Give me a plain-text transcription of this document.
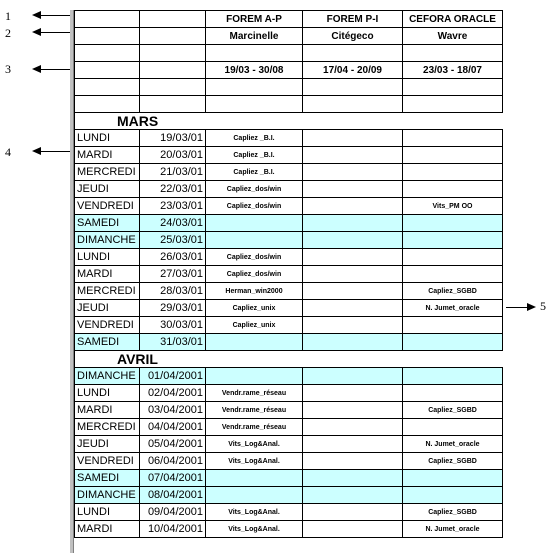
1
2
3
4
5
		FOREM A-P	FOREM P-I	CEFORA ORACLE
		Marcinelle	Citégeco	Wavre

		19/03 - 30/08	17/04 - 20/09	23/03 - 18/07

MARS				
LUNDI	19/03/01	Capliez _B.I.		
MARDI	20/03/01	Capliez _B.I.		
MERCREDI	21/03/01	Capliez _B.I.		
JEUDI	22/03/01	Capliez_dos/win		
VENDREDI	23/03/01	Capliez_dos/win		Vits_PM OO
SAMEDI	24/03/01			
DIMANCHE	25/03/01			
LUNDI	26/03/01	Capliez_dos/win		
MARDI	27/03/01	Capliez_dos/win		
MERCREDI	28/03/01	Herman_win2000		Capliez_SGBD
JEUDI	29/03/01	Capliez_unix		N. Jumet_oracle
VENDREDI	30/03/01	Capliez_unix		
SAMEDI	31/03/01			
AVRIL				
DIMANCHE	01/04/2001			
LUNDI	02/04/2001	Vendr.rame_réseau		
MARDI	03/04/2001	Vendr.rame_réseau		Capliez_SGBD
MERCREDI	04/04/2001	Vendr.rame_réseau		
JEUDI	05/04/2001	Vits_Log&Anal.		N. Jumet_oracle
VENDREDI	06/04/2001	Vits_Log&Anal.		Capliez_SGBD
SAMEDI	07/04/2001			
DIMANCHE	08/04/2001			
LUNDI	09/04/2001	Vits_Log&Anal.		Capliez_SGBD
MARDI	10/04/2001	Vits_Log&Anal.		N. Jumet_oracle
